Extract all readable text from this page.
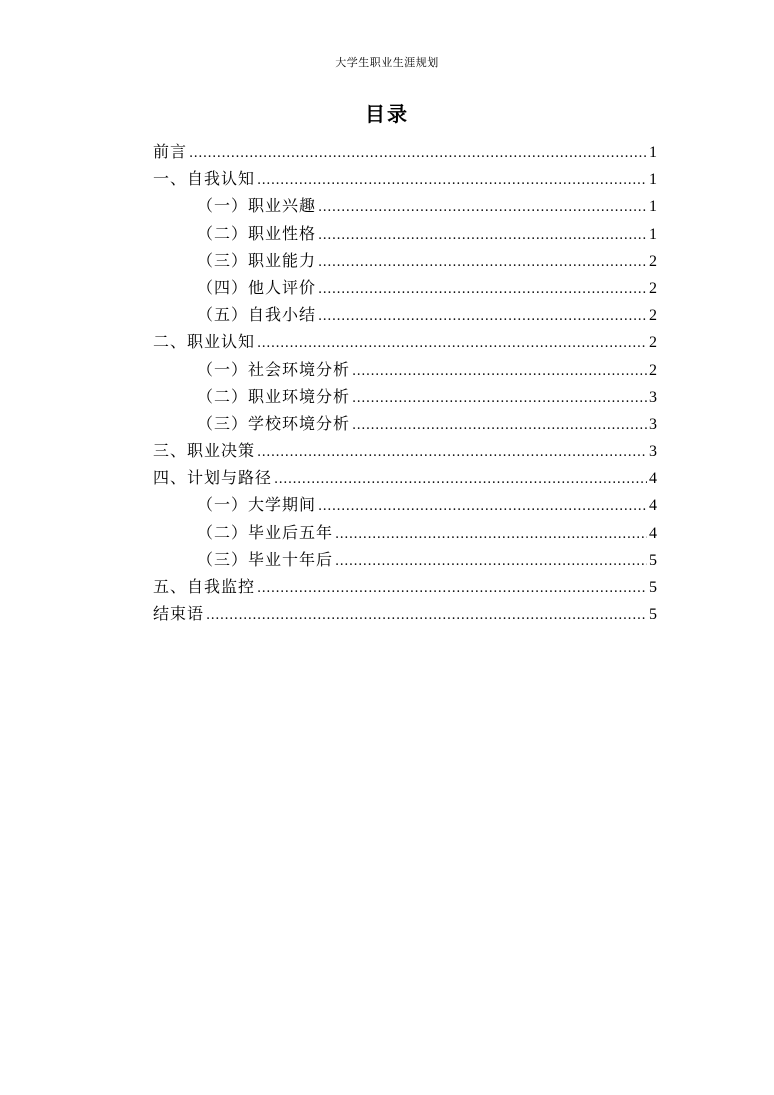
大学生职业生涯规划
目录
前言 .....	1
一、自我认知 .....	1
（一）职业兴趣 .....	1
（二）职业性格 .....	1
（三）职业能力 .....	2
（四）他人评价 .....	2
（五）自我小结 .....	2
二、职业认知 .....	2
（一）社会环境分析 .....	2
（二）职业环境分析 .....	3
（三）学校环境分析 .....	3
三、职业决策 .....	3
四、计划与路径 .....	4
（一）大学期间 .....	4
（二）毕业后五年 .....	4
（三）毕业十年后 .....	5
五、自我监控 .....	5
结束语 .....	5
